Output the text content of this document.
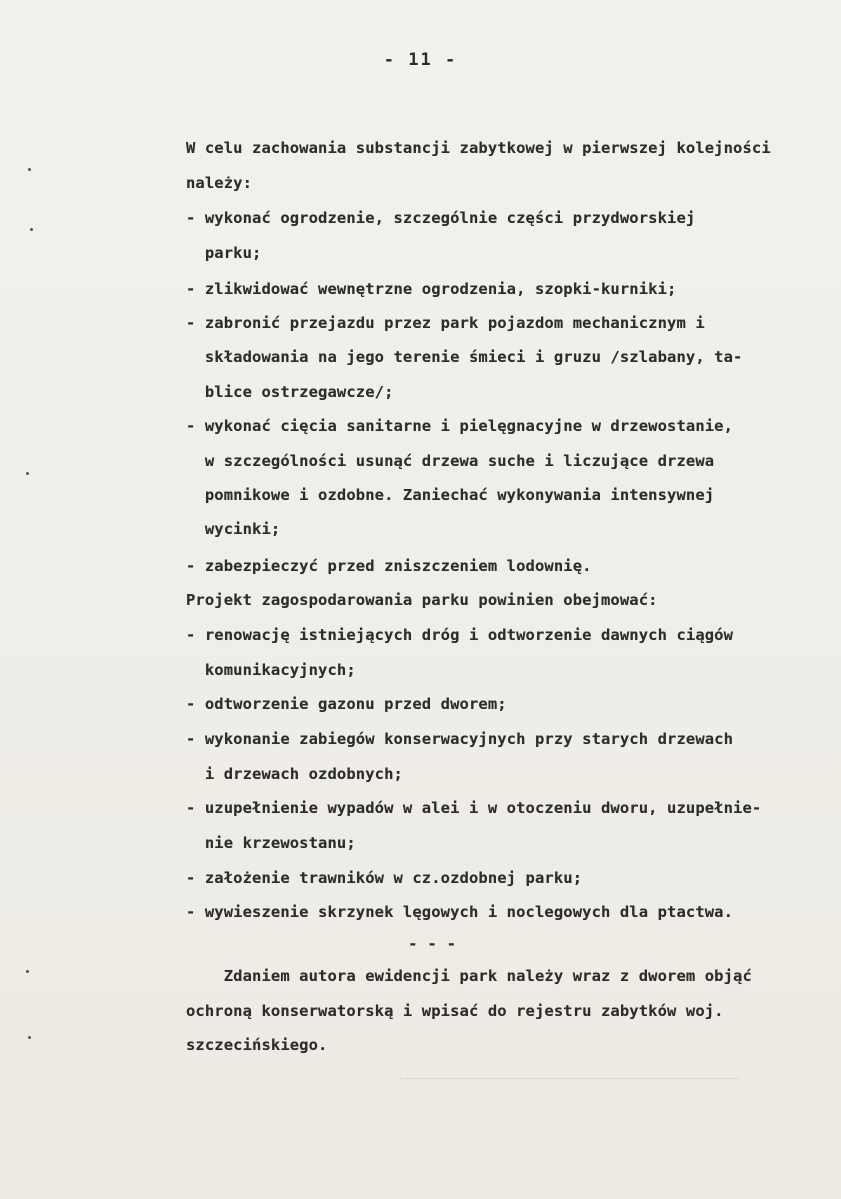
- 11 -
W celu zachowania substancji zabytkowej w pierwszej kolejności
należy:
- wykonać ogrodzenie, szczególnie części przydworskiej
parku;
- zlikwidować wewnętrzne ogrodzenia, szopki-kurniki;
- zabronić przejazdu przez park pojazdom mechanicznym i
składowania na jego terenie śmieci i gruzu /szlabany, ta-
blice ostrzegawcze/;
- wykonać cięcia sanitarne i pielęgnacyjne w drzewostanie,
w szczególności usunąć drzewa suche i liczujące drzewa
pomnikowe i ozdobne. Zaniechać wykonywania intensywnej
wycinki;
- zabezpieczyć przed zniszczeniem lodownię.
Projekt zagospodarowania parku powinien obejmować:
- renowację istniejących dróg i odtworzenie dawnych ciągów
komunikacyjnych;
- odtworzenie gazonu przed dworem;
- wykonanie zabiegów konserwacyjnych przy starych drzewach
i drzewach ozdobnych;
- uzupełnienie wypadów w alei i w otoczeniu dworu, uzupełnie-
nie krzewostanu;
- założenie trawników w cz.ozdobnej parku;
- wywieszenie skrzynek lęgowych i noclegowych dla ptactwa.
- - -
Zdaniem autora ewidencji park należy wraz z dworem objąć
ochroną konserwatorską i wpisać do rejestru zabytków woj.
szczecińskiego.
